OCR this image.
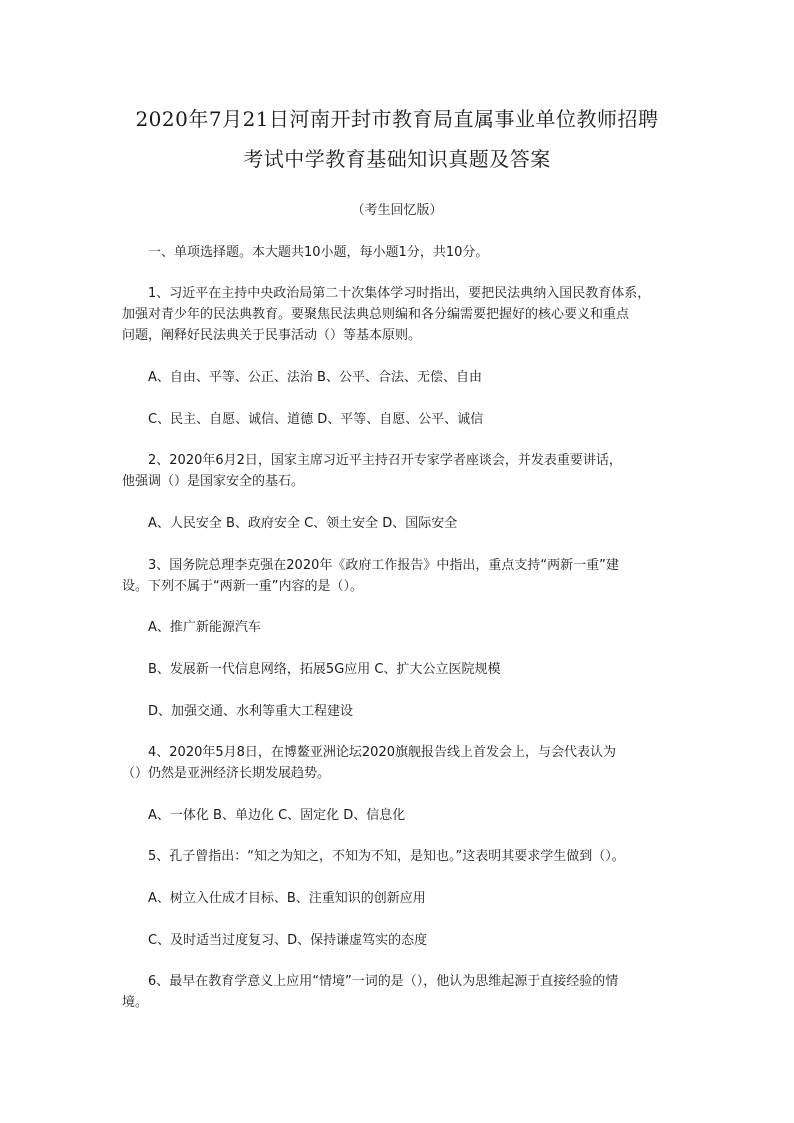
2020年7月21日河南开封市教育局直属事业单位教师招聘
考试中学教育基础知识真题及答案
（考生回忆版）
一、单项选择题。本大题共10小题，每小题1分，共10分。
1、习近平在主持中央政治局第二十次集体学习时指出，要把民法典纳入国民教育体系，
加强对青少年的民法典教育。要聚焦民法典总则编和各分编需要把握好的核心要义和重点
问题，阐释好民法典关于民事活动（）等基本原则。
A、自由、平等、公正、法治 B、公平、合法、无偿、自由
C、民主、自愿、诚信、道德 D、平等、自愿、公平、诚信
2、2020年6月2日，国家主席习近平主持召开专家学者座谈会，并发表重要讲话，
他强调（）是国家安全的基石。
A、人民安全 B、政府安全 C、领土安全 D、国际安全
3、国务院总理李克强在2020年《政府工作报告》中指出，重点支持“两新一重”建
设。下列不属于“两新一重”内容的是（）。
A、推广新能源汽车
B、发展新一代信息网络，拓展5G应用 C、扩大公立医院规模
D、加强交通、水利等重大工程建设
4、2020年5月8日，在博鳌亚洲论坛2020旗舰报告线上首发会上，与会代表认为
（）仍然是亚洲经济长期发展趋势。
A、一体化 B、单边化 C、固定化 D、信息化
5、孔子曾指出：“知之为知之，不知为不知，是知也。”这表明其要求学生做到（）。
A、树立入仕成才目标、B、注重知识的创新应用
C、及时适当过度复习、D、保持谦虚笃实的态度
6、最早在教育学意义上应用“情境”一词的是（），他认为思维起源于直接经验的情
境。
